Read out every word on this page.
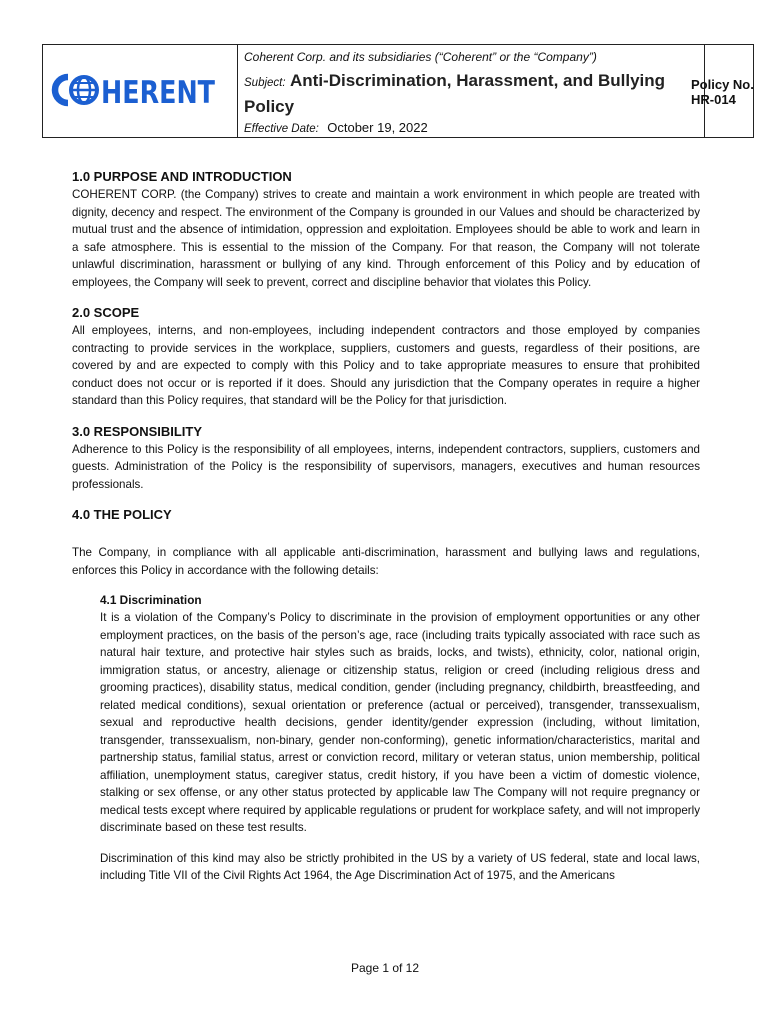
HERENT
Coherent Corp. and its subsidiaries (“Coherent” or the “Company”)
Subject: Anti-Discrimination, Harassment, and Bullying Policy
Effective Date: October 19, 2022
Policy No.
HR-014
1.0 PURPOSE AND INTRODUCTION

COHERENT CORP. (the Company) strives to create and maintain a work environment in which people are treated with dignity, decency and respect. The environment of the Company is grounded in our Values and should be characterized by mutual trust and the absence of intimidation, oppression and exploitation. Employees should be able to work and learn in a safe atmosphere. This is essential to the mission of the Company. For that reason, the Company will not tolerate unlawful discrimination, harassment or bullying of any kind. Through enforcement of this Policy and by education of employees, the Company will seek to prevent, correct and discipline behavior that violates this Policy.

2.0 SCOPE

All employees, interns, and non-employees, including independent contractors and those employed by companies contracting to provide services in the workplace, suppliers, customers and guests, regardless of their positions, are covered by and are expected to comply with this Policy and to take appropriate measures to ensure that prohibited conduct does not occur or is reported if it does. Should any jurisdiction that the Company operates in require a higher standard than this Policy requires, that standard will be the Policy for that jurisdiction.

3.0 RESPONSIBILITY

Adherence to this Policy is the responsibility of all employees, interns, independent contractors, suppliers, customers and guests. Administration of the Policy is the responsibility of supervisors, managers, executives and human resources professionals.

4.0 THE POLICY

The Company, in compliance with all applicable anti-discrimination, harassment and bullying laws and regulations, enforces this Policy in accordance with the following details:

4.1 Discrimination

It is a violation of the Company’s Policy to discriminate in the provision of employment opportunities or any other employment practices, on the basis of the person’s age, race (including traits typically associated with race such as natural hair texture, and protective hair styles such as braids, locks, and twists), ethnicity, color, national origin, immigration status, or ancestry, alienage or citizenship status, religion or creed (including religious dress and grooming practices), disability status, medical condition, gender (including pregnancy, childbirth, breastfeeding, and related medical conditions), sexual orientation or preference (actual or perceived), transgender, transsexualism, sexual and reproductive health decisions, gender identity/gender expression (including, without limitation, transgender, transsexualism, non-binary, gender non-conforming), genetic information/characteristics, marital and partnership status, familial status, arrest or conviction record, military or veteran status, union membership, political affiliation, unemployment status, caregiver status, credit history, if you have been a victim of domestic violence, stalking or sex offense, or any other status protected by applicable law The Company will not require pregnancy or medical tests except where required by applicable regulations or prudent for workplace safety, and will not improperly discriminate based on these test results.

Discrimination of this kind may also be strictly prohibited in the US by a variety of US federal, state and local laws, including Title VII of the Civil Rights Act 1964, the Age Discrimination Act of 1975, and the Americans

Page 1 of 12
